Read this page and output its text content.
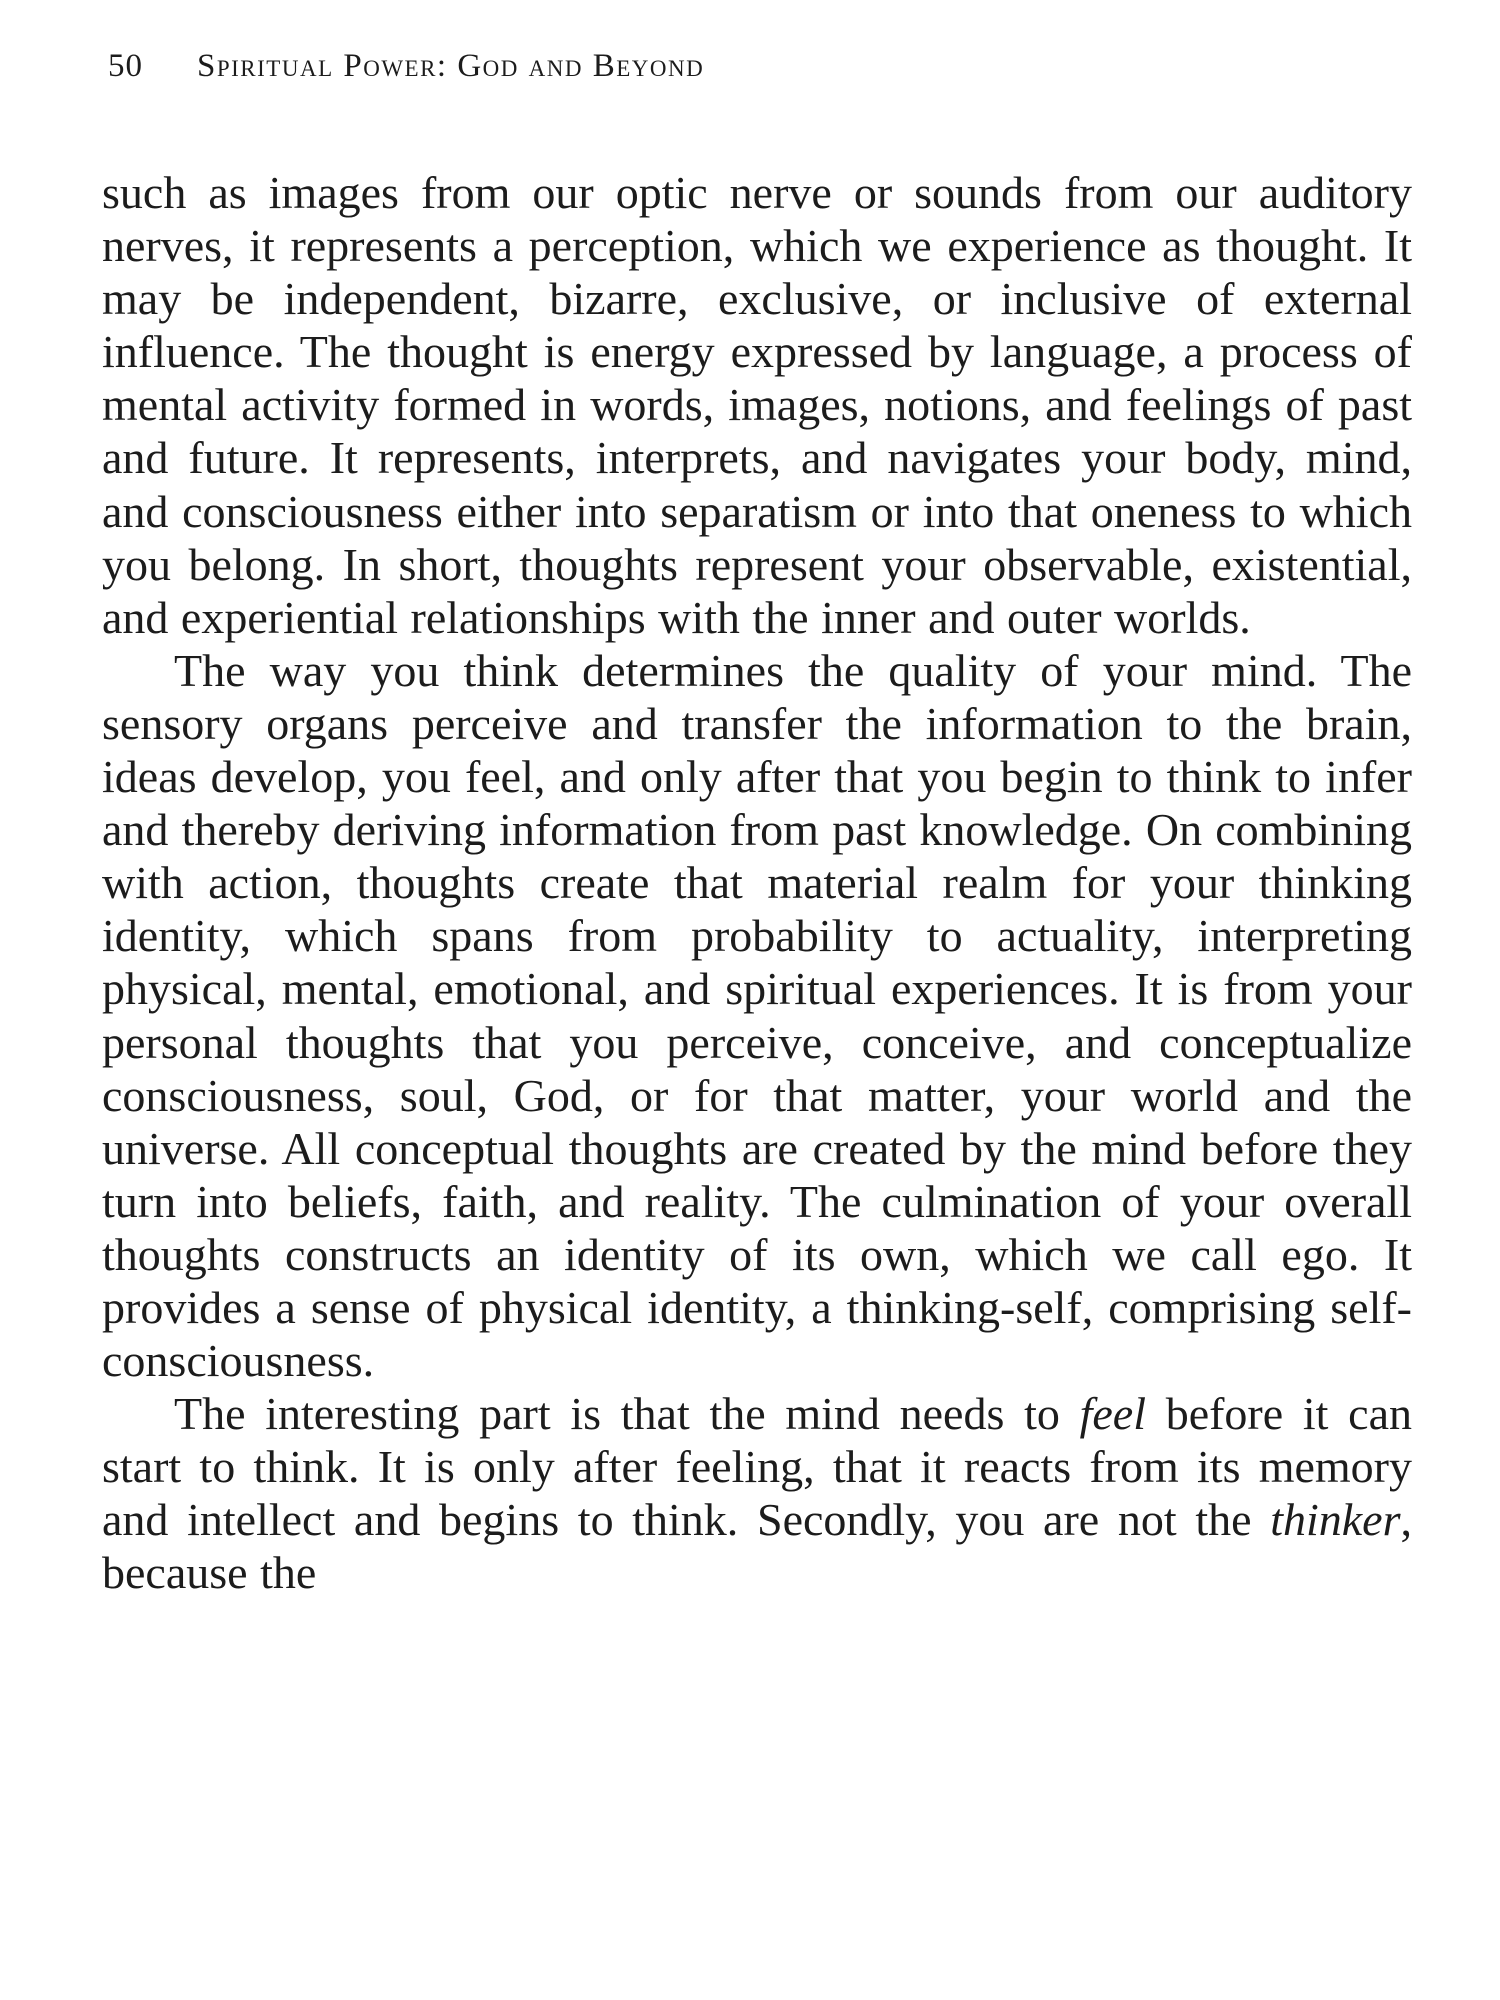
50 Spiritual Power: God and Beyond

such as images from our optic nerve or sounds from our auditory nerves, it represents a perception, which we experience as thought. It may be independent, bizarre, exclusive, or inclusive of external influence. The thought is energy expressed by language, a process of mental activity formed in words, images, notions, and feelings of past and future. It represents, interprets, and navigates your body, mind, and consciousness either into separatism or into that oneness to which you belong. In short, thoughts represent your observable, existential, and experiential relationships with the inner and outer worlds.

The way you think determines the quality of your mind. The sensory organs perceive and transfer the information to the brain, ideas develop, you feel, and only after that you begin to think to infer and thereby deriving information from past knowledge. On combining with action, thoughts create that material realm for your thinking identity, which spans from probability to actuality, interpreting physical, mental, emotional, and spiritual experiences. It is from your personal thoughts that you perceive, conceive, and conceptualize consciousness, soul, God, or for that matter, your world and the universe. All conceptual thoughts are created by the mind before they turn into beliefs, faith, and reality. The culmination of your overall thoughts constructs an identity of its own, which we call ego. It provides a sense of physical identity, a thinking-self, comprising self-consciousness.

The interesting part is that the mind needs to feel before it can start to think. It is only after feeling, that it reacts from its memory and intellect and begins to think. Secondly, you are not the thinker, because the
